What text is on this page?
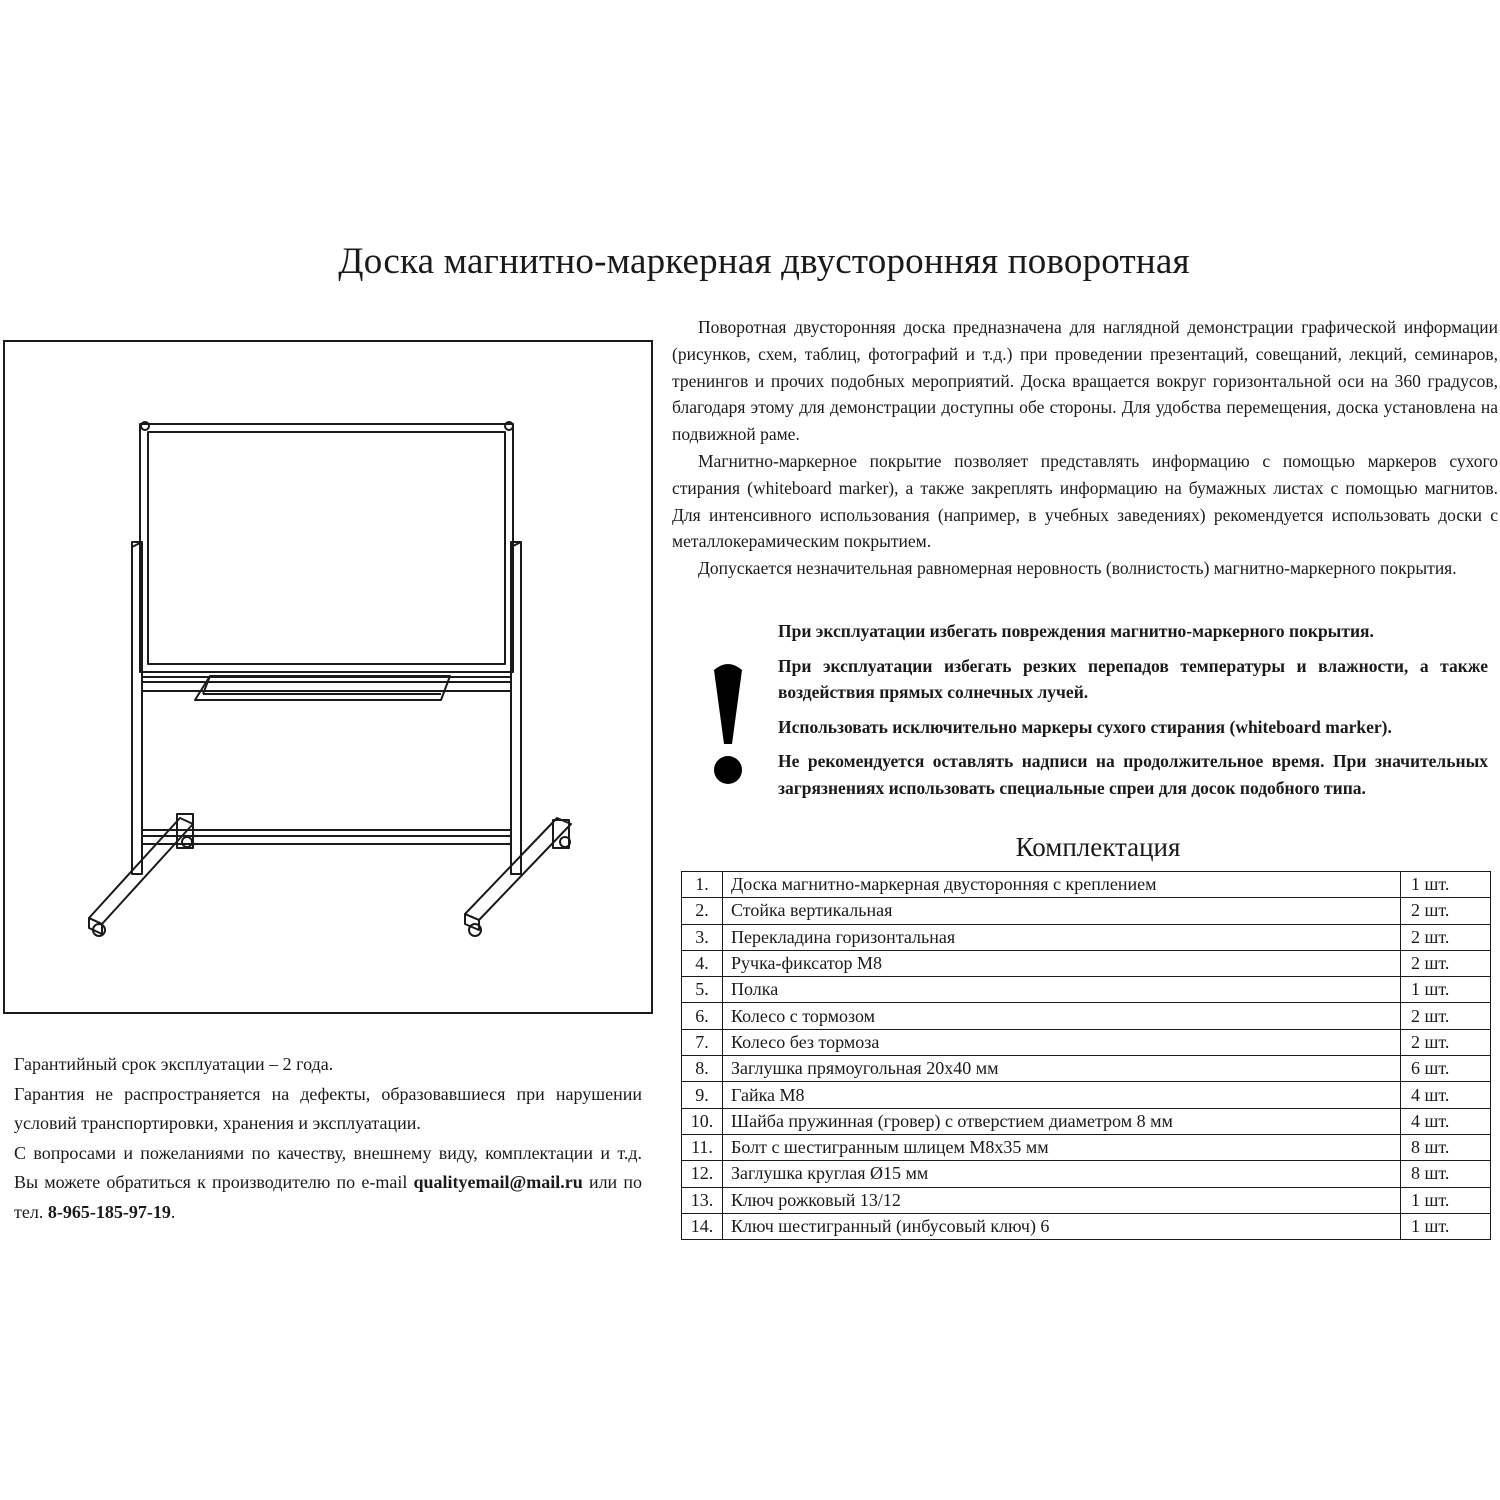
Доска магнитно-маркерная двусторонняя поворотная

Поворотная двусторонняя доска предназначена для наглядной демонстрации графической информации (рисунков, схем, таблиц, фотографий и т.д.) при проведении презентаций, совещаний, лекций, семинаров, тренингов и прочих подобных мероприятий. Доска вращается вокруг горизонтальной оси на 360 градусов, благодаря этому для демонстрации доступны обе стороны. Для удобства перемещения, доска установлена на подвижной раме.

Магнитно-маркерное покрытие позволяет представлять информацию с помощью маркеров сухого стирания (whiteboard marker), а также закреплять информацию на бумажных листах с помощью магнитов. Для интенсивного использования (например, в учебных заведениях) рекомендуется использовать доски с металлокерамическим покрытием.

Допускается незначительная равномерная неровность (волнистость) магнитно-маркерного покрытия.

При эксплуатации избегать повреждения магнитно-маркерного покрытия.

При эксплуатации избегать резких перепадов температуры и влажности, а также воздействия прямых солнечных лучей.

Использовать исключительно маркеры сухого стирания (whiteboard marker).

Не рекомендуется оставлять надписи на продолжительное время. При значительных загрязнениях использовать специальные спреи для досок подобного типа.

Комплектация
1.	Доска магнитно-маркерная двусторонняя с креплением	1 шт.
2.	Стойка вертикальная	2 шт.
3.	Перекладина горизонтальная	2 шт.
4.	Ручка-фиксатор М8	2 шт.
5.	Полка	1 шт.
6.	Колесо с тормозом	2 шт.
7.	Колесо без тормоза	2 шт.
8.	Заглушка прямоугольная 20х40 мм	6 шт.
9.	Гайка М8	4 шт.
10.	Шайба пружинная (гровер) с отверстием диаметром 8 мм	4 шт.
11.	Болт с шестигранным шлицем М8х35 мм	8 шт.
12.	Заглушка круглая Ø15 мм	8 шт.
13.	Ключ рожковый 13/12	1 шт.
14.	Ключ шестигранный (инбусовый ключ) 6	1 шт.

Гарантийный срок эксплуатации – 2 года.

Гарантия не распространяется на дефекты, образовавшиеся при нарушении условий транспортировки, хранения и эксплуатации.

С вопросами и пожеланиями по качеству, внешнему виду, комплектации и т.д. Вы можете обратиться к производителю по e-mail qualityemail@mail.ru или по тел. 8-965-185-97-19.
